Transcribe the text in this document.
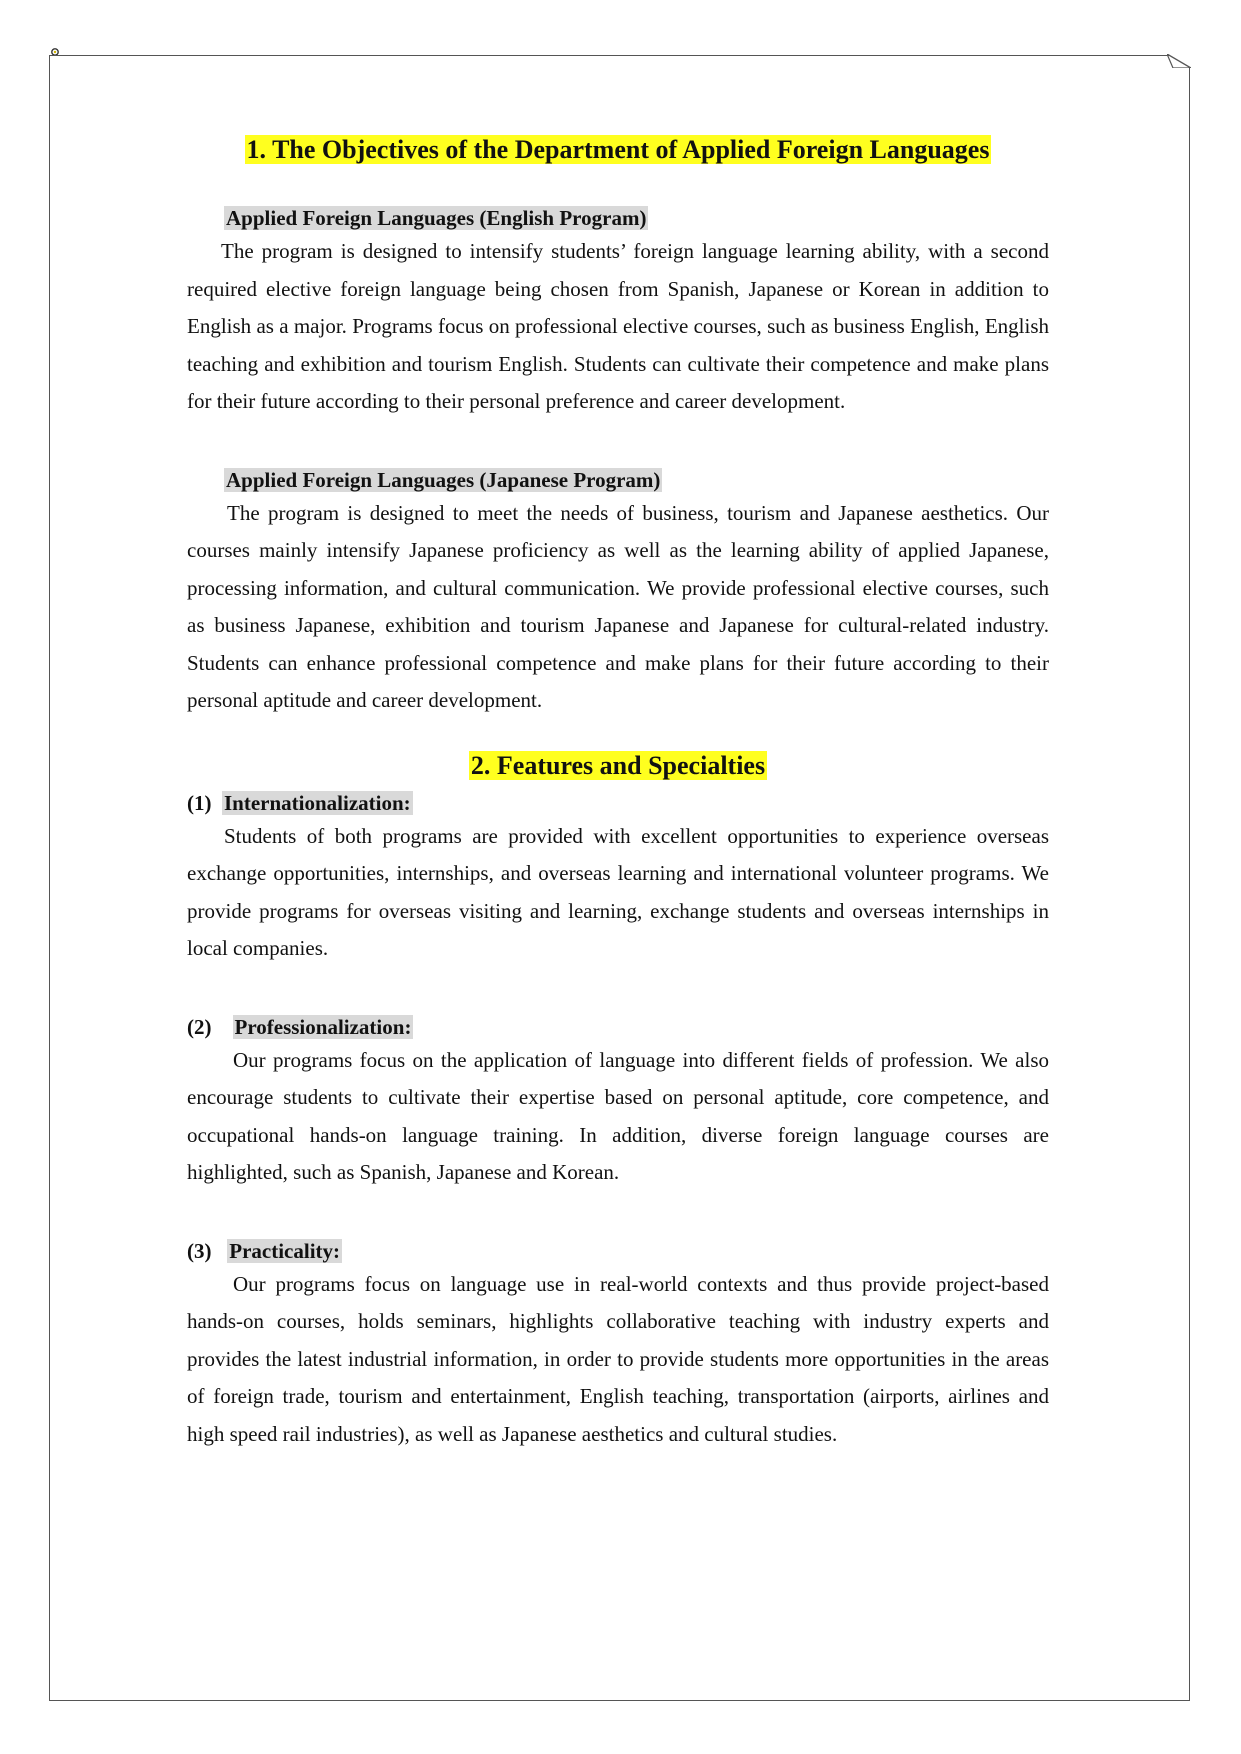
1. The Objectives of the Department of Applied Foreign Languages

Applied Foreign Languages (English Program)

The program is designed to intensify students’ foreign language learning ability, with a second required elective foreign language being chosen from Spanish, Japanese or Korean in addition to English as a major. Programs focus on professional elective courses, such as business English, English teaching and exhibition and tourism English. Students can cultivate their competence and make plans for their future according to their personal preference and career development.

Applied Foreign Languages (Japanese Program)

The program is designed to meet the needs of business, tourism and Japanese aesthetics. Our courses mainly intensify Japanese proficiency as well as the learning ability of applied Japanese, processing information, and cultural communication. We provide professional elective courses, such as business Japanese, exhibition and tourism Japanese and Japanese for cultural-related industry. Students can enhance professional competence and make plans for their future according to their personal aptitude and career development.

2. Features and Specialties

(1) Internationalization:

Students of both programs are provided with excellent opportunities to experience overseas exchange opportunities, internships, and overseas learning and international volunteer programs. We provide programs for overseas visiting and learning, exchange students and overseas internships in local companies.

(2) Professionalization:

Our programs focus on the application of language into different fields of profession. We also encourage students to cultivate their expertise based on personal aptitude, core competence, and occupational hands-on language training. In addition, diverse foreign language courses are highlighted, such as Spanish, Japanese and Korean.

(3) Practicality:

Our programs focus on language use in real-world contexts and thus provide project-based hands-on courses, holds seminars, highlights collaborative teaching with industry experts and provides the latest industrial information, in order to provide students more opportunities in the areas of foreign trade, tourism and entertainment, English teaching, transportation (airports, airlines and high speed rail industries), as well as Japanese aesthetics and cultural studies.
